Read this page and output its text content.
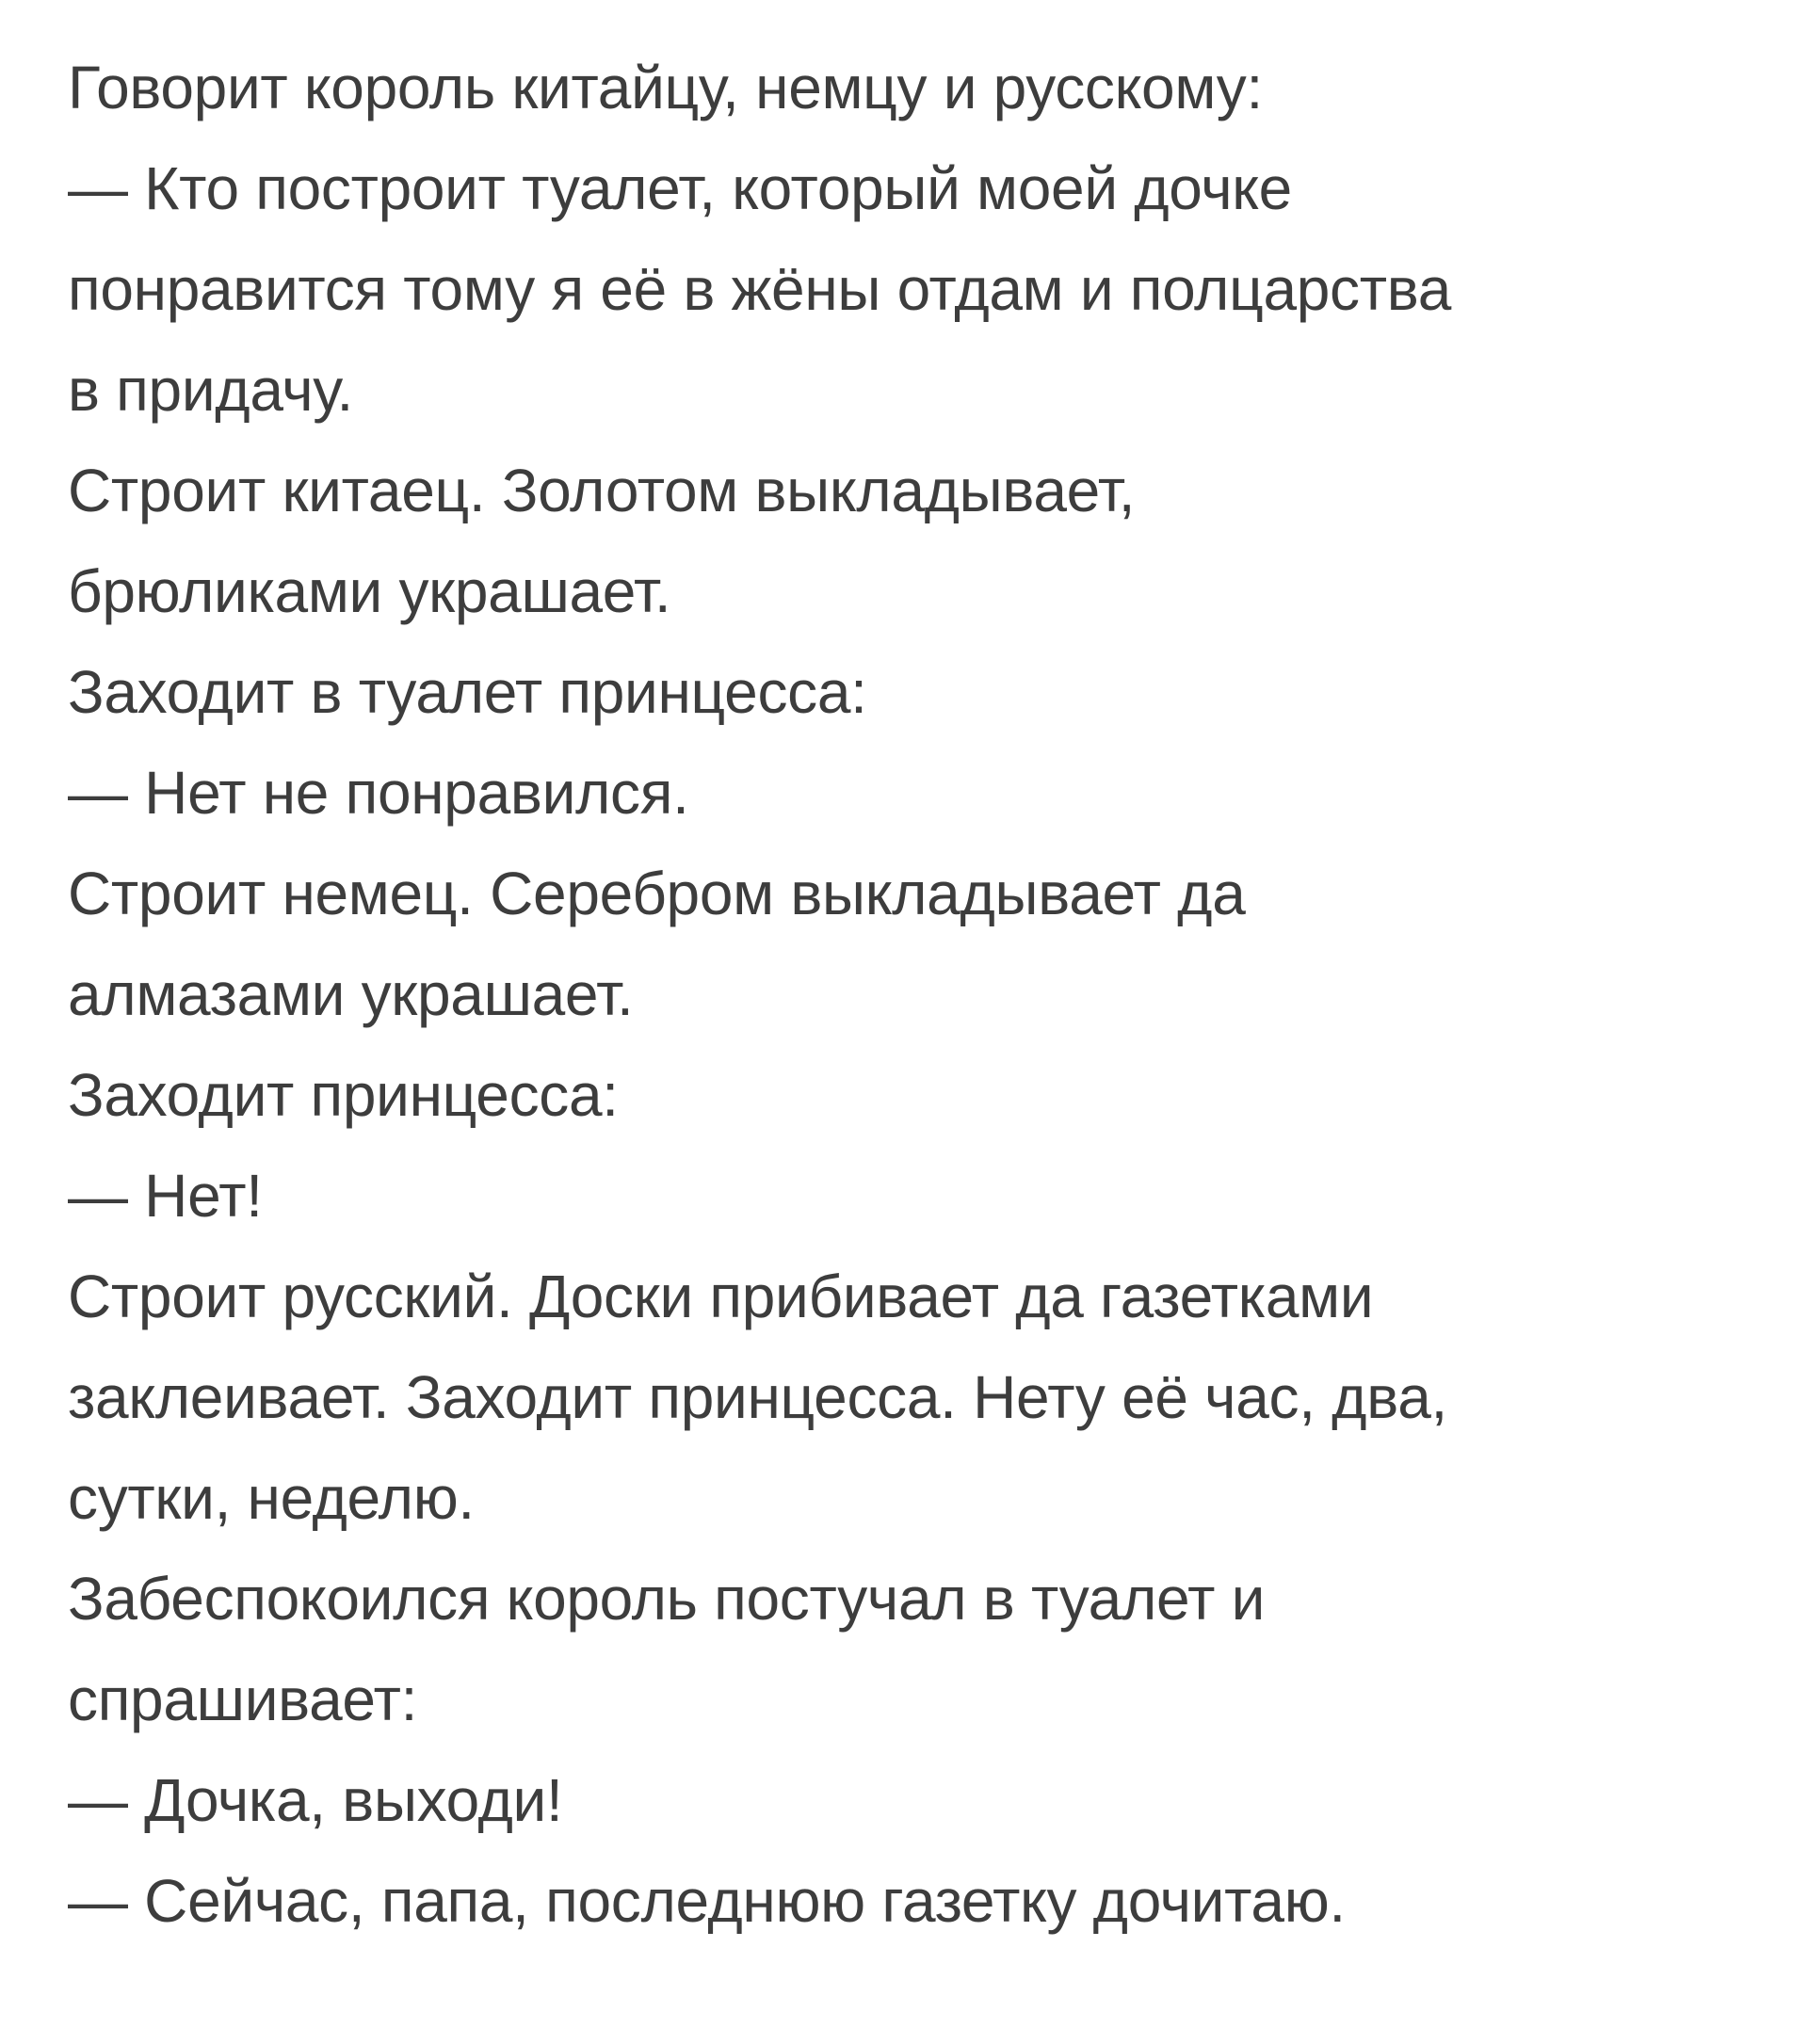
Говорит король китайцу, немцу и русскому:
— Кто построит туалет, который моей дочке
понравится тому я её в жёны отдам и полцарства
в придачу.
Строит китаец. Золотом выкладывает,
брюликами украшает.
Заходит в туалет принцесса:
— Нет не понравился.
Строит немец. Серебром выкладывает да
алмазами украшает.
Заходит принцесса:
— Нет!
Строит русский. Доски прибивает да газетками
заклеивает. Заходит принцесса. Нету её час, два,
сутки, неделю.
Забеспокоился король постучал в туалет и
спрашивает:
— Дочка, выходи!
— Сейчас, папа, последнюю газетку дочитаю.
